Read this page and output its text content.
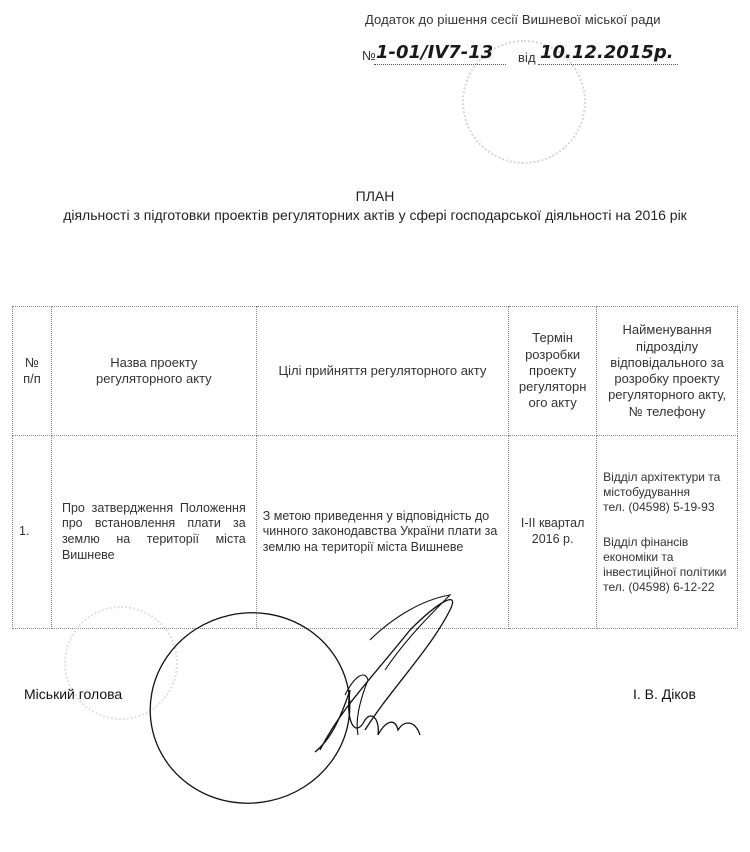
Додаток до рішення сесії Вишневої міської ради
№ 1-01/IV7-13 від 10.12.2015р.
ПЛАН
діяльності з підготовки проектів регуляторних актів у сфері господарської діяльності на 2016 рік
№ п/п	Назва проекту регуляторного акту	Цілі прийняття регуляторного акту	Термін розробки проекту регуляторн ого акту	Найменування підрозділу відповідального за розробку проекту регуляторного акту,
№ телефону
1.	Про затвердження Положення про встановлення плати за землю на території міста Вишневе	З метою приведення у відповідність до чинного законодавства України плати за землю на території міста Вишневе	І-ІІ квартал 2016 р.	Відділ архітектури та містобудування
тел. (04598) 5-19-93
Відділ фінансів економіки та інвестиційної політики
тел. (04598) 6-12-22
Міський голова	І. В. Діков
